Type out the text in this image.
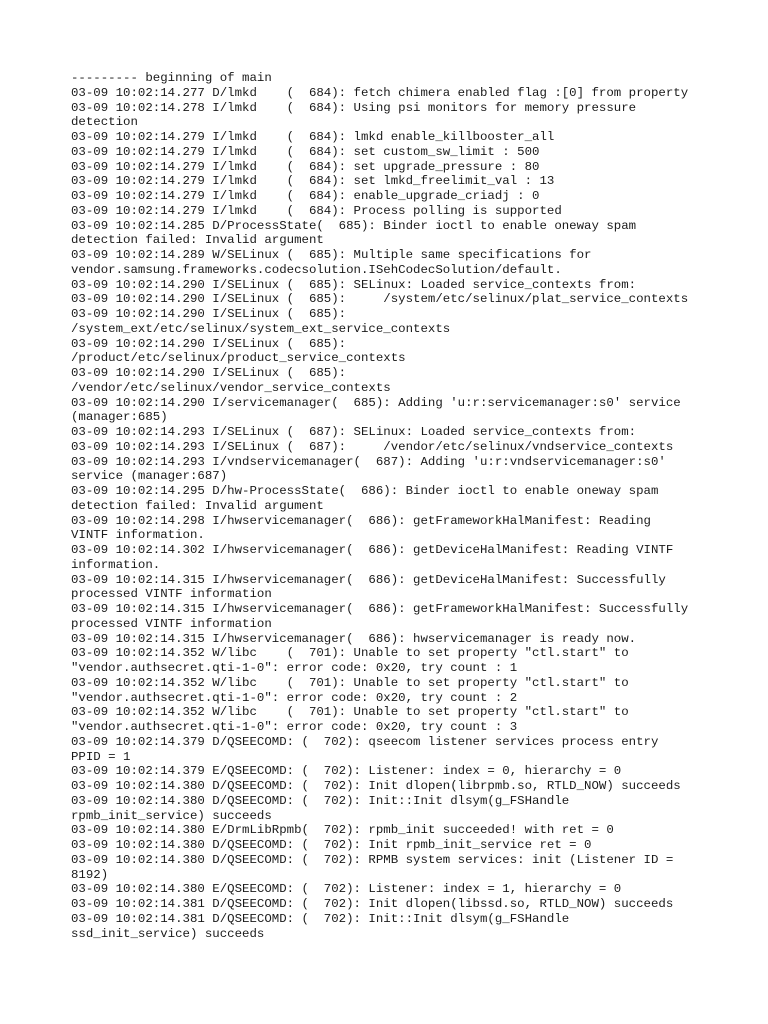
--------- beginning of main
03-09 10:02:14.277 D/lmkd    (  684): fetch chimera enabled flag :[0] from property
03-09 10:02:14.278 I/lmkd    (  684): Using psi monitors for memory pressure
detection
03-09 10:02:14.279 I/lmkd    (  684): lmkd enable_killbooster_all
03-09 10:02:14.279 I/lmkd    (  684): set custom_sw_limit : 500
03-09 10:02:14.279 I/lmkd    (  684): set upgrade_pressure : 80
03-09 10:02:14.279 I/lmkd    (  684): set lmkd_freelimit_val : 13
03-09 10:02:14.279 I/lmkd    (  684): enable_upgrade_criadj : 0
03-09 10:02:14.279 I/lmkd    (  684): Process polling is supported
03-09 10:02:14.285 D/ProcessState(  685): Binder ioctl to enable oneway spam
detection failed: Invalid argument
03-09 10:02:14.289 W/SELinux (  685): Multiple same specifications for
vendor.samsung.frameworks.codecsolution.ISehCodecSolution/default.
03-09 10:02:14.290 I/SELinux (  685): SELinux: Loaded service_contexts from:
03-09 10:02:14.290 I/SELinux (  685):     /system/etc/selinux/plat_service_contexts
03-09 10:02:14.290 I/SELinux (  685):
/system_ext/etc/selinux/system_ext_service_contexts
03-09 10:02:14.290 I/SELinux (  685):
/product/etc/selinux/product_service_contexts
03-09 10:02:14.290 I/SELinux (  685):
/vendor/etc/selinux/vendor_service_contexts
03-09 10:02:14.290 I/servicemanager(  685): Adding 'u:r:servicemanager:s0' service
(manager:685)
03-09 10:02:14.293 I/SELinux (  687): SELinux: Loaded service_contexts from:
03-09 10:02:14.293 I/SELinux (  687):     /vendor/etc/selinux/vndservice_contexts
03-09 10:02:14.293 I/vndservicemanager(  687): Adding 'u:r:vndservicemanager:s0'
service (manager:687)
03-09 10:02:14.295 D/hw-ProcessState(  686): Binder ioctl to enable oneway spam
detection failed: Invalid argument
03-09 10:02:14.298 I/hwservicemanager(  686): getFrameworkHalManifest: Reading
VINTF information.
03-09 10:02:14.302 I/hwservicemanager(  686): getDeviceHalManifest: Reading VINTF
information.
03-09 10:02:14.315 I/hwservicemanager(  686): getDeviceHalManifest: Successfully
processed VINTF information
03-09 10:02:14.315 I/hwservicemanager(  686): getFrameworkHalManifest: Successfully
processed VINTF information
03-09 10:02:14.315 I/hwservicemanager(  686): hwservicemanager is ready now.
03-09 10:02:14.352 W/libc    (  701): Unable to set property "ctl.start" to
"vendor.authsecret.qti-1-0": error code: 0x20, try count : 1
03-09 10:02:14.352 W/libc    (  701): Unable to set property "ctl.start" to
"vendor.authsecret.qti-1-0": error code: 0x20, try count : 2
03-09 10:02:14.352 W/libc    (  701): Unable to set property "ctl.start" to
"vendor.authsecret.qti-1-0": error code: 0x20, try count : 3
03-09 10:02:14.379 D/QSEECOMD: (  702): qseecom listener services process entry
PPID = 1
03-09 10:02:14.379 E/QSEECOMD: (  702): Listener: index = 0, hierarchy = 0
03-09 10:02:14.380 D/QSEECOMD: (  702): Init dlopen(librpmb.so, RTLD_NOW) succeeds
03-09 10:02:14.380 D/QSEECOMD: (  702): Init::Init dlsym(g_FSHandle
rpmb_init_service) succeeds
03-09 10:02:14.380 E/DrmLibRpmb(  702): rpmb_init succeeded! with ret = 0
03-09 10:02:14.380 D/QSEECOMD: (  702): Init rpmb_init_service ret = 0
03-09 10:02:14.380 D/QSEECOMD: (  702): RPMB system services: init (Listener ID =
8192)
03-09 10:02:14.380 E/QSEECOMD: (  702): Listener: index = 1, hierarchy = 0
03-09 10:02:14.381 D/QSEECOMD: (  702): Init dlopen(libssd.so, RTLD_NOW) succeeds
03-09 10:02:14.381 D/QSEECOMD: (  702): Init::Init dlsym(g_FSHandle
ssd_init_service) succeeds
